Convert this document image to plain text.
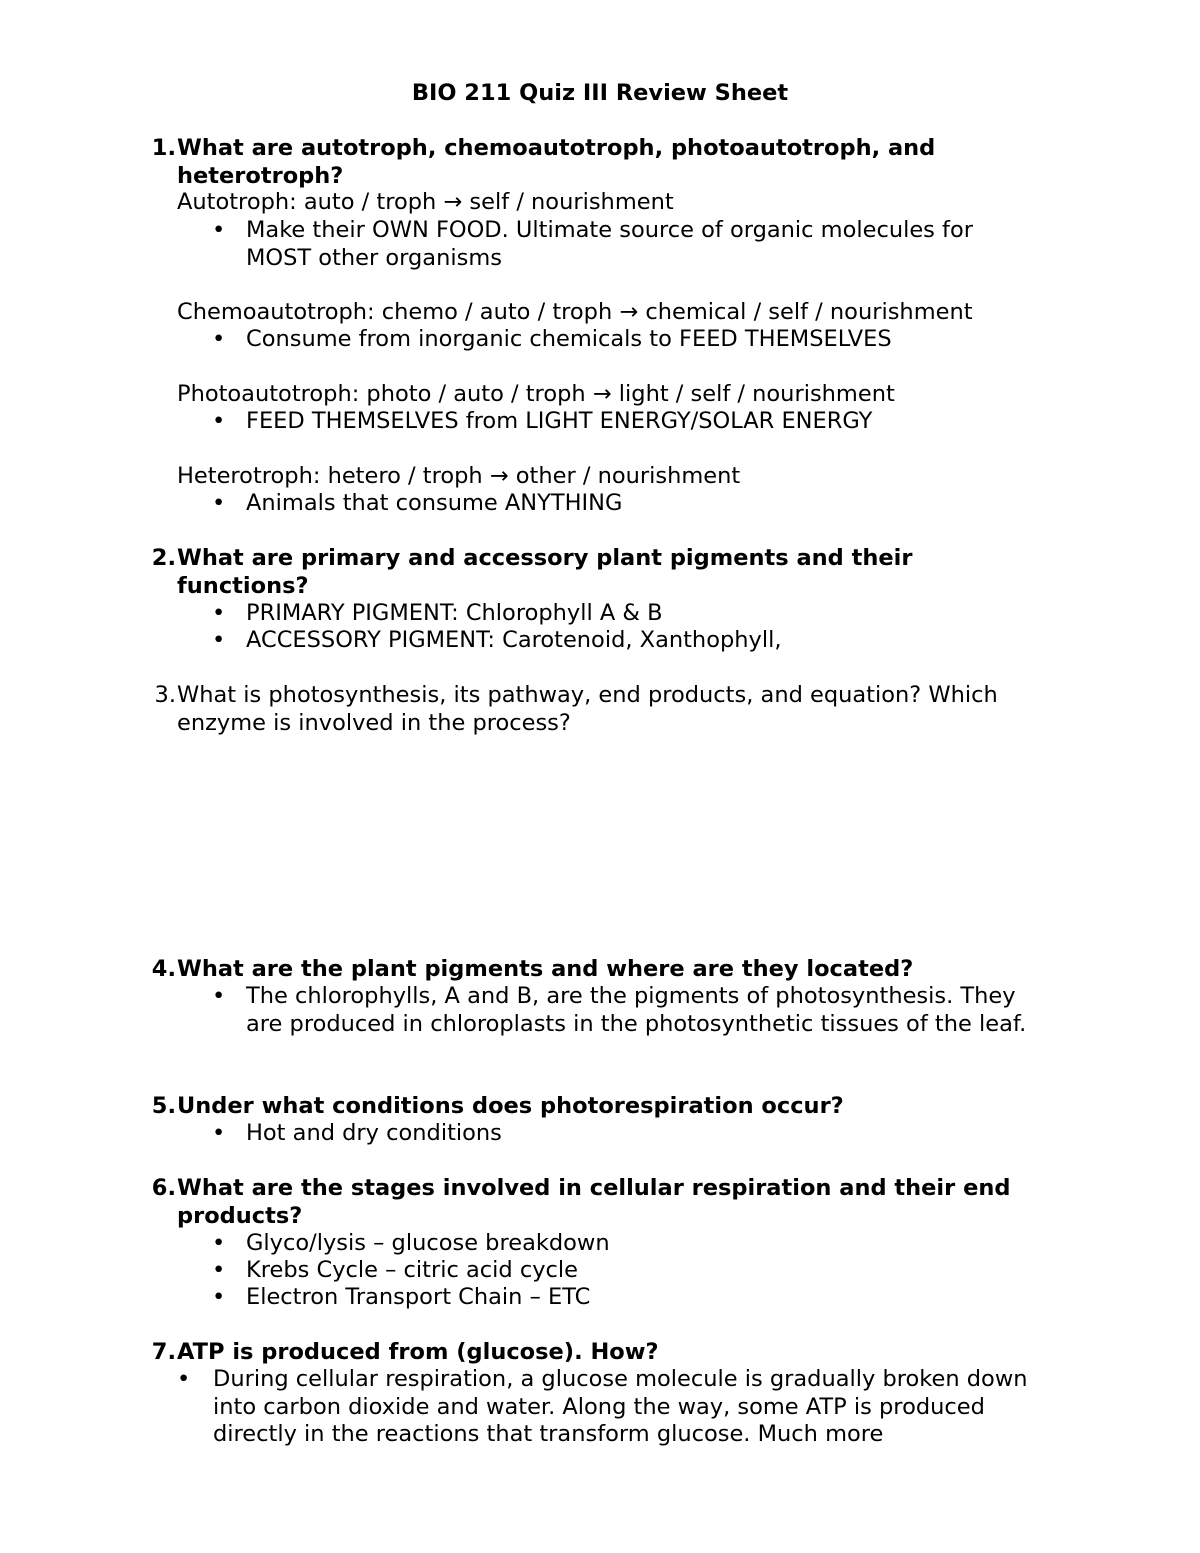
BIO 211 Quiz III Review Sheet
1. What are autotroph, chemoautotroph, photoautotroph, and heterotroph?
Autotroph: auto / troph → self / nourishment
• Make their OWN FOOD. Ultimate source of organic molecules for MOST other organisms
Chemoautotroph: chemo / auto / troph → chemical / self / nourishment
• Consume from inorganic chemicals to FEED THEMSELVES
Photoautotroph: photo / auto / troph → light / self / nourishment
• FEED THEMSELVES from LIGHT ENERGY/SOLAR ENERGY
Heterotroph: hetero / troph → other / nourishment
• Animals that consume ANYTHING
2. What are primary and accessory plant pigments and their functions?
• PRIMARY PIGMENT: Chlorophyll A & B
• ACCESSORY PIGMENT: Carotenoid, Xanthophyll,
3. What is photosynthesis, its pathway, end products, and equation? Which enzyme is involved in the process?
4. What are the plant pigments and where are they located?
• The chlorophylls, A and B, are the pigments of photosynthesis. They are produced in chloroplasts in the photosynthetic tissues of the leaf.
5. Under what conditions does photorespiration occur?
• Hot and dry conditions
6. What are the stages involved in cellular respiration and their end products?
• Glyco/lysis – glucose breakdown
• Krebs Cycle – citric acid cycle
• Electron Transport Chain – ETC
7. ATP is produced from (glucose). How?
• During cellular respiration, a glucose molecule is gradually broken down into carbon dioxide and water. Along the way, some ATP is produced directly in the reactions that transform glucose. Much more
